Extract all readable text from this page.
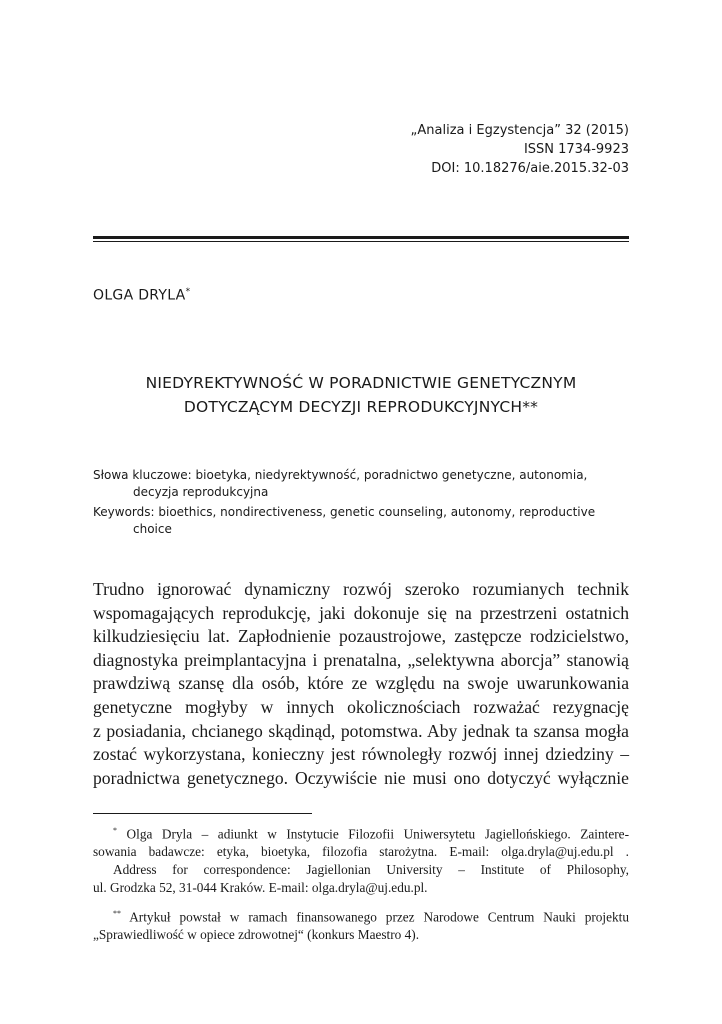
„Analiza i Egzystencja” 32 (2015)
ISSN 1734-9923
DOI: 10.18276/aie.2015.32-03
OLGA DRYLA*
NIEDYREKTYWNOŚĆ W PORADNICTWIE GENETYCZNYM
DOTYCZĄCYM DECYZJI REPRODUKCYJNYCH**
Słowa kluczowe: bioetyka, niedyrektywność, poradnictwo genetyczne, autonomia,
decyzja reprodukcyjna
Keywords: bioethics, nondirectiveness, genetic counseling, autonomy, reproductive
choice
Trudno ignorować dynamiczny rozwój szeroko rozumianych technik
wspomagających reprodukcję, jaki dokonuje się na przestrzeni ostatnich
kilkudziesięciu lat. Zapłodnienie pozaustrojowe, zastępcze rodzicielstwo,
diagnostyka preimplantacyjna i prenatalna, „selektywna aborcja” stanowią
prawdziwą szansę dla osób, które ze względu na swoje uwarunkowania
genetyczne mogłyby w innych okolicznościach rozważać rezygnację
z posiadania, chcianego skądinąd, potomstwa. Aby jednak ta szansa mogła
zostać wykorzystana, konieczny jest równoległy rozwój innej dziedziny –
poradnictwa genetycznego. Oczywiście nie musi ono dotyczyć wyłącznie
* Olga Dryla – adiunkt w Instytucie Filozofii Uniwersytetu Jagiellońskiego. Zaintere-
sowania badawcze: etyka, bioetyka, filozofia starożytna. E-mail: olga.dryla@uj.edu.pl .
Address for correspondence: Jagiellonian University – Institute of Philosophy,
ul. Grodzka 52, 31-044 Kraków. E-mail: olga.dryla@uj.edu.pl.
** Artykuł powstał w ramach finansowanego przez Narodowe Centrum Nauki projektu
„Sprawiedliwość w opiece zdrowotnej“ (konkurs Maestro 4).
